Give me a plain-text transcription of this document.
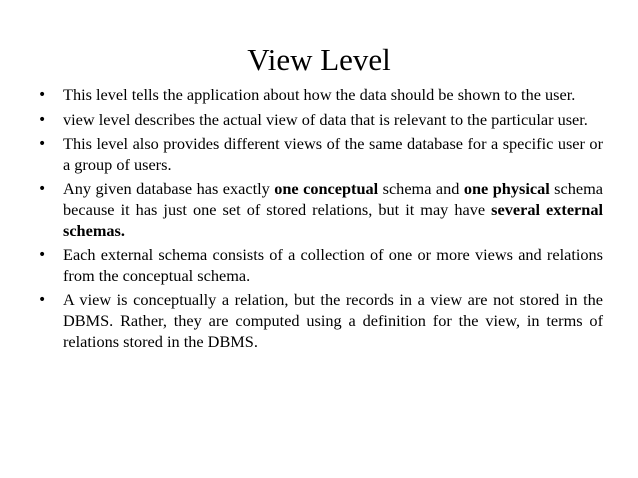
View Level
• This level tells the application about how the data should be shown to the user.
• view level describes the actual view of data that is relevant to the particular user.
• This level also provides different views of the same database for a specific user or a group of users.
• Any given database has exactly one conceptual schema and one physical schema because it has just one set of stored relations, but it may have several external schemas.
• Each external schema consists of a collection of one or more views and relations from the conceptual schema.
• A view is conceptually a relation, but the records in a view are not stored in the DBMS. Rather, they are computed using a definition for the view, in terms of relations stored in the DBMS.
